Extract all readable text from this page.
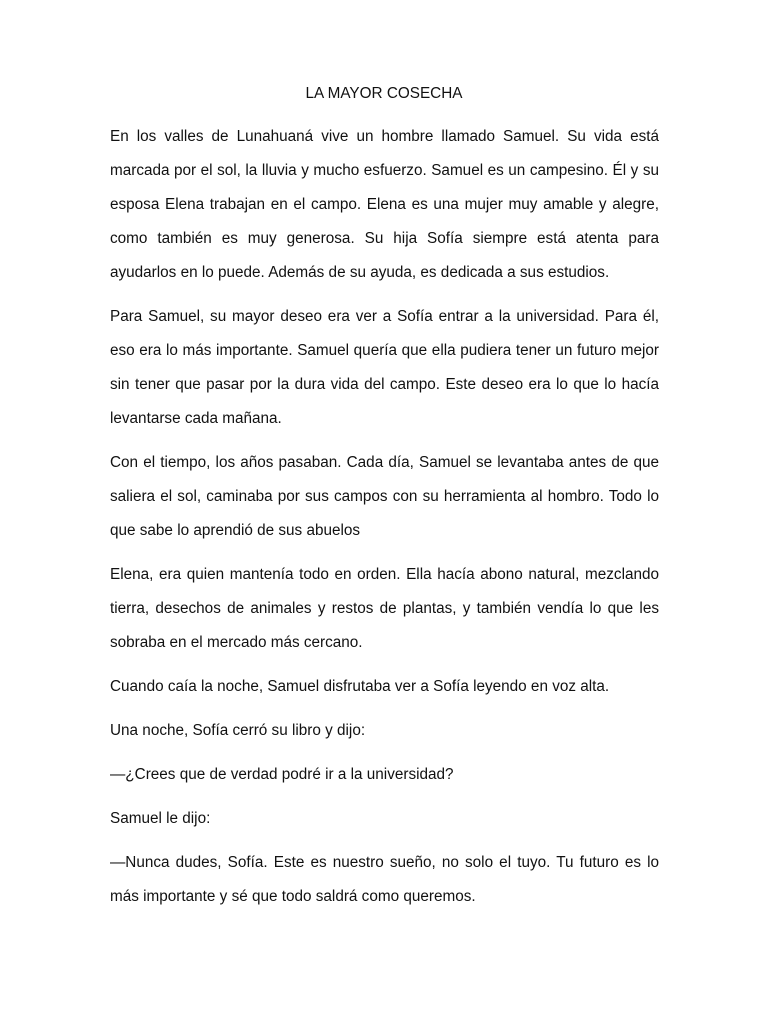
LA MAYOR COSECHA

En los valles de Lunahuaná vive un hombre llamado Samuel. Su vida está marcada por el sol, la lluvia y mucho esfuerzo. Samuel es un campesino. Él y su esposa Elena trabajan en el campo. Elena es una mujer muy amable y alegre, como también es muy generosa. Su hija Sofía siempre está atenta para ayudarlos en lo puede. Además de su ayuda, es dedicada a sus estudios.

Para Samuel, su mayor deseo era ver a Sofía entrar a la universidad. Para él, eso era lo más importante. Samuel quería que ella pudiera tener un futuro mejor sin tener que pasar por la dura vida del campo. Este deseo era lo que lo hacía levantarse cada mañana.

Con el tiempo, los años pasaban. Cada día, Samuel se levantaba antes de que saliera el sol, caminaba por sus campos con su herramienta al hombro. Todo lo que sabe lo aprendió de sus abuelos

Elena, era quien mantenía todo en orden. Ella hacía abono natural, mezclando tierra, desechos de animales y restos de plantas, y también vendía lo que les sobraba en el mercado más cercano.

Cuando caía la noche, Samuel disfrutaba ver a Sofía leyendo en voz alta.

Una noche, Sofía cerró su libro y dijo:

—¿Crees que de verdad podré ir a la universidad?

Samuel le dijo:

—Nunca dudes, Sofía. Este es nuestro sueño, no solo el tuyo. Tu futuro es lo más importante y sé que todo saldrá como queremos.
